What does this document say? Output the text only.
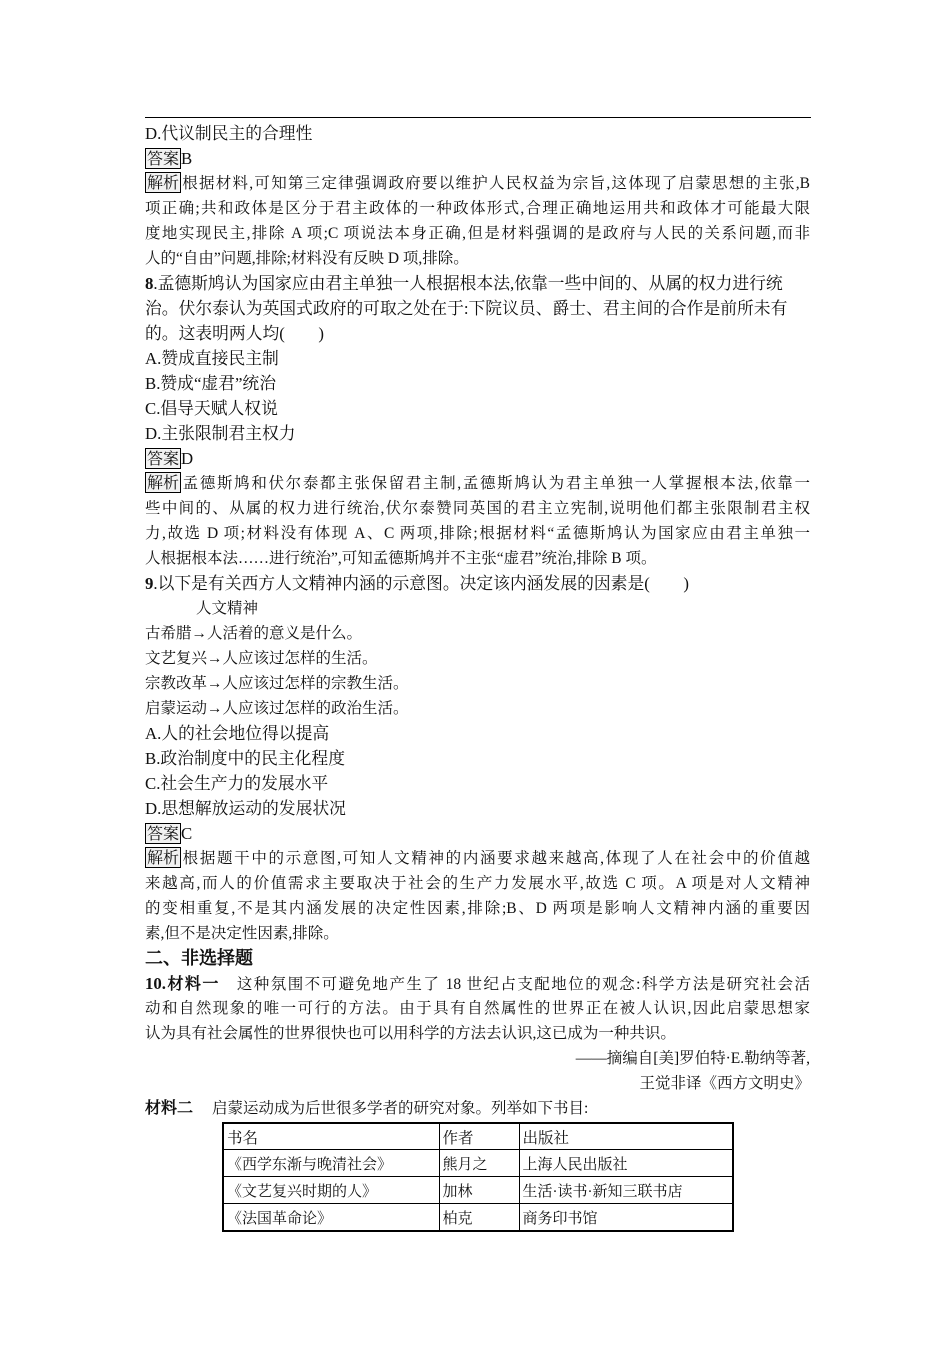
D.代议制民主的合理性
答案 B
解析 根据材料,可知第三定律强调政府要以维护人民权益为宗旨,这体现了启蒙思想的主张,B
项正确;共和政体是区分于君主政体的一种政体形式,合理正确地运用共和政体才可能最大限
度地实现民主,排除 A 项;C 项说法本身正确,但是材料强调的是政府与人民的关系问题,而非
人的“自由”问题,排除;材料没有反映 D 项,排除。
8.孟德斯鸠认为国家应由君主单独一人根据根本法,依靠一些中间的、从属的权力进行统
治。伏尔泰认为英国式政府的可取之处在于:下院议员、爵士、君主间的合作是前所未有
的。这表明两人均(　　)
A.赞成直接民主制
B.赞成“虚君”统治
C.倡导天赋人权说
D.主张限制君主权力
答案 D
解析 孟德斯鸠和伏尔泰都主张保留君主制,孟德斯鸠认为君主单独一人掌握根本法,依靠一
些中间的、从属的权力进行统治,伏尔泰赞同英国的君主立宪制,说明他们都主张限制君主权
力,故选 D 项;材料没有体现 A、C 两项,排除;根据材料“孟德斯鸠认为国家应由君主单独一
人根据根本法……进行统治”,可知孟德斯鸠并不主张“虚君”统治,排除 B 项。
9.以下是有关西方人文精神内涵的示意图。决定该内涵发展的因素是(　　)
人文精神
古希腊→人活着的意义是什么。
文艺复兴→人应该过怎样的生活。
宗教改革→人应该过怎样的宗教生活。
启蒙运动→人应该过怎样的政治生活。
A.人的社会地位得以提高
B.政治制度中的民主化程度
C.社会生产力的发展水平
D.思想解放运动的发展状况
答案 C
解析 根据题干中的示意图,可知人文精神的内涵要求越来越高,体现了人在社会中的价值越
来越高,而人的价值需求主要取决于社会的生产力发展水平,故选 C 项。A 项是对人文精神
的变相重复,不是其内涵发展的决定性因素,排除;B、D 两项是影响人文精神内涵的重要因
素,但不是决定性因素,排除。
二、非选择题
10.材料一 这种氛围不可避免地产生了 18 世纪占支配地位的观念:科学方法是研究社会活
动和自然现象的唯一可行的方法。由于具有自然属性的世界正在被人认识,因此启蒙思想家
认为具有社会属性的世界很快也可以用科学的方法去认识,这已成为一种共识。
——摘编自[美]罗伯特·E.勒纳等著,
王觉非译《西方文明史》
材料二 启蒙运动成为后世很多学者的研究对象。列举如下书目:
书名	作者	出版社
《西学东渐与晚清社会》	熊月之	上海人民出版社
《文艺复兴时期的人》	加林	生活·读书·新知三联书店
《法国革命论》	柏克	商务印书馆
